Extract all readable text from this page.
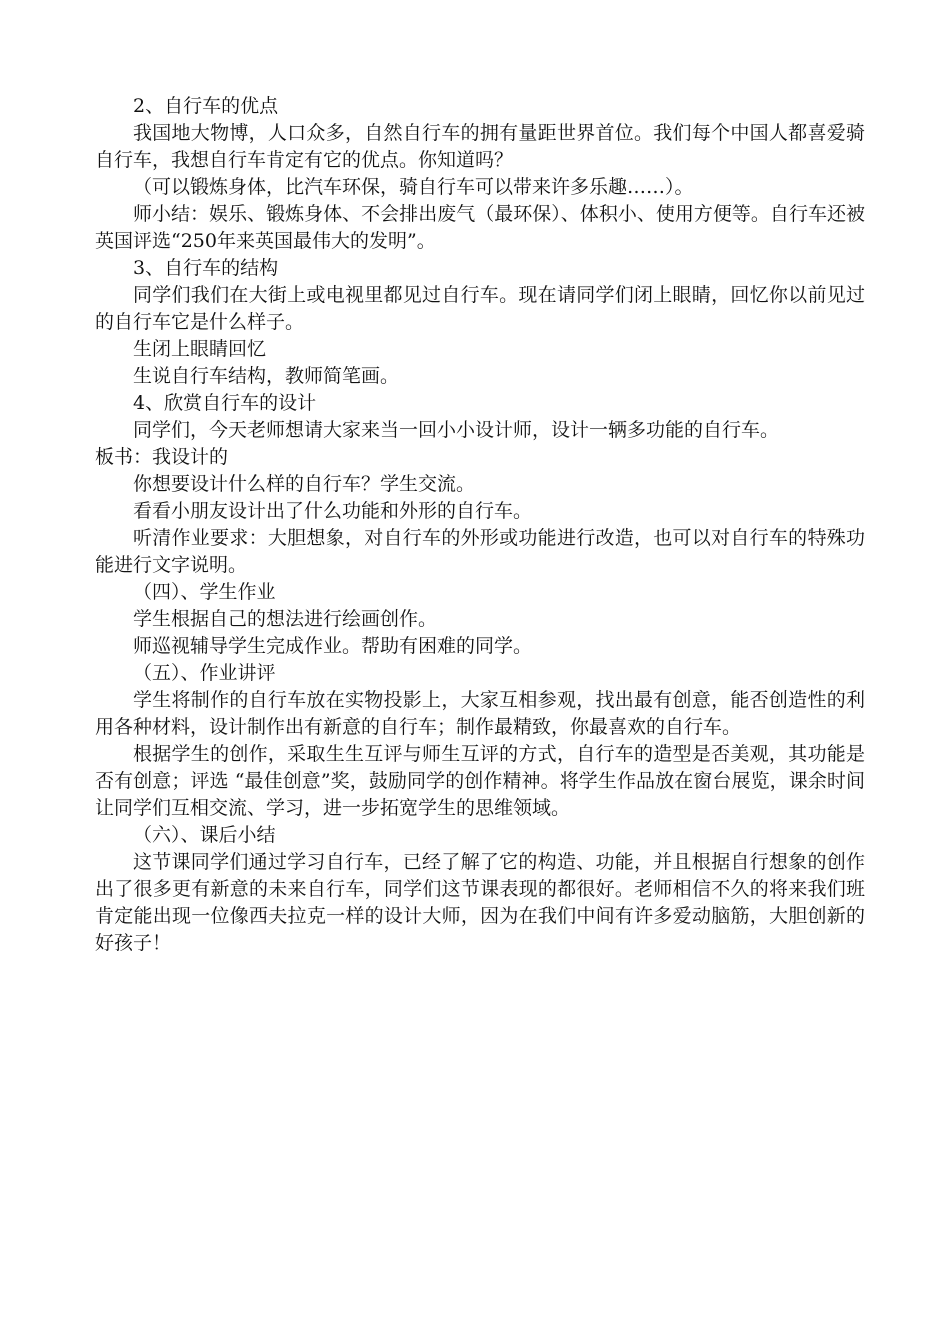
2、自行车的优点

我国地大物博，人口众多，自然自行车的拥有量距世界首位。我们每个中国人都喜爱骑自行车，我想自行车肯定有它的优点。你知道吗？

（可以锻炼身体，比汽车环保，骑自行车可以带来许多乐趣……）。

师小结：娱乐、锻炼身体、不会排出废气（最环保）、体积小、使用方便等。自行车还被英国评选“250年来英国最伟大的发明”。

3、自行车的结构

同学们我们在大街上或电视里都见过自行车。现在请同学们闭上眼睛，回忆你以前见过的自行车它是什么样子。

生闭上眼睛回忆

生说自行车结构，教师简笔画。

4、欣赏自行车的设计

同学们，今天老师想请大家来当一回小小设计师，设计一辆多功能的自行车。

板书：我设计的

你想要设计什么样的自行车？学生交流。

看看小朋友设计出了什么功能和外形的自行车。

听清作业要求：大胆想象，对自行车的外形或功能进行改造，也可以对自行车的特殊功能进行文字说明。

（四）、学生作业

学生根据自己的想法进行绘画创作。

师巡视辅导学生完成作业。帮助有困难的同学。

（五）、作业讲评

学生将制作的自行车放在实物投影上，大家互相参观，找出最有创意，能否创造性的利用各种材料，设计制作出有新意的自行车；制作最精致，你最喜欢的自行车。

根据学生的创作，采取生生互评与师生互评的方式，自行车的造型是否美观，其功能是否有创意；评选 “最佳创意”奖，鼓励同学的创作精神。将学生作品放在窗台展览，课余时间让同学们互相交流、学习，进一步拓宽学生的思维领域。

（六）、课后小结

这节课同学们通过学习自行车，已经了解了它的构造、功能，并且根据自行想象的创作出了很多更有新意的未来自行车，同学们这节课表现的都很好。老师相信不久的将来我们班肯定能出现一位像西夫拉克一样的设计大师，因为在我们中间有许多爱动脑筋，大胆创新的好孩子！
